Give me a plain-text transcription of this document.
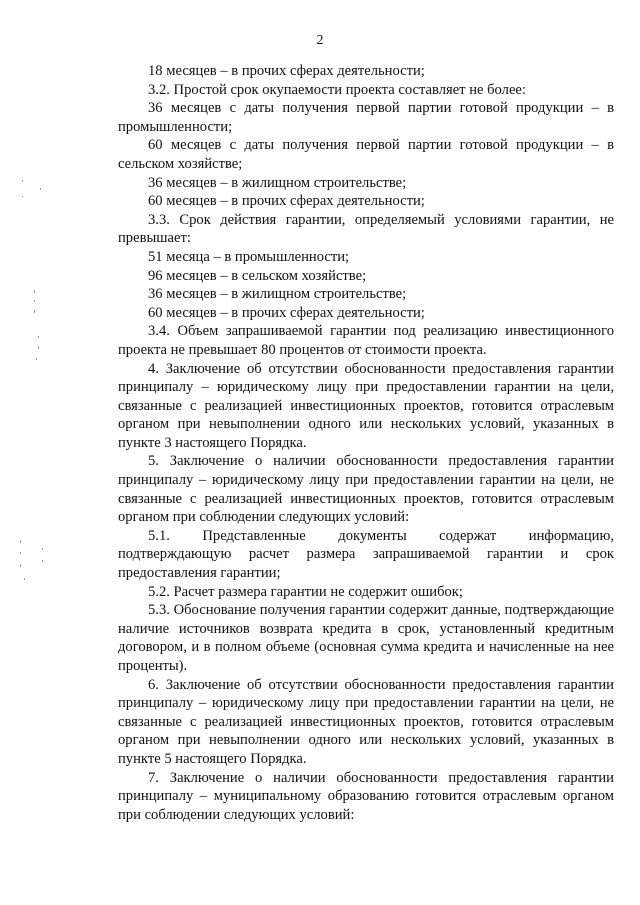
2

18 месяцев – в прочих сферах деятельности;

3.2. Простой срок окупаемости проекта составляет не более:

36 месяцев с даты получения первой партии готовой продукции – в промышленности;

60 месяцев с даты получения первой партии готовой продукции – в сельском хозяйстве;

36 месяцев – в жилищном строительстве;

60 месяцев – в прочих сферах деятельности;

3.3. Срок действия гарантии, определяемый условиями гарантии, не превышает:

51 месяца – в промышленности;

96 месяцев – в сельском хозяйстве;

36 месяцев – в жилищном строительстве;

60 месяцев – в прочих сферах деятельности;

3.4. Объем запрашиваемой гарантии под реализацию инвестиционного проекта не превышает 80 процентов от стоимости проекта.

4. Заключение об отсутствии обоснованности предоставления гарантии принципалу – юридическому лицу при предоставлении гарантии на цели, связанные с реализацией инвестиционных проектов, готовится отраслевым органом при невыполнении одного или нескольких условий, указанных в пункте 3 настоящего Порядка.

5. Заключение о наличии обоснованности предоставления гарантии принципалу – юридическому лицу при предоставлении гарантии на цели, не связанные с реализацией инвестиционных проектов, готовится отраслевым органом при соблюдении следующих условий:

5.1. Представленные документы содержат информацию, подтверждающую расчет размера запрашиваемой гарантии и срок предоставления гарантии;

5.2. Расчет размера гарантии не содержит ошибок;

5.3. Обоснование получения гарантии содержит данные, подтверждающие наличие источников возврата кредита в срок, установленный кредитным договором, и в полном объеме (основная сумма кредита и начисленные на нее проценты).

6. Заключение об отсутствии обоснованности предоставления гарантии принципалу – юридическому лицу при предоставлении гарантии на цели, не связанные с реализацией инвестиционных проектов, готовится отраслевым органом при невыполнении одного или нескольких условий, указанных в пункте 5 настоящего Порядка.

7. Заключение о наличии обоснованности предоставления гарантии принципалу – муниципальному образованию готовится отраслевым органом при соблюдении следующих условий:
